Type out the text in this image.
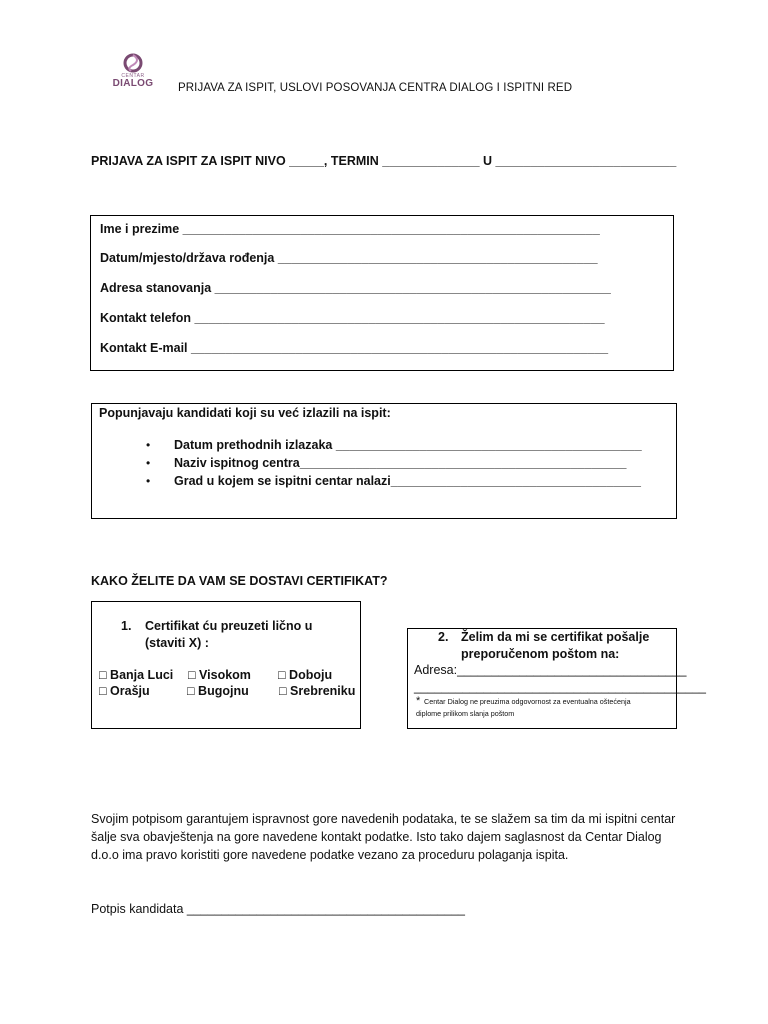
CENTAR
DIALOG	PRIJAVA ZA ISPIT, USLOVI POSOVANJA CENTRA DIALOG I ISPITNI RED
PRIJAVA ZA ISPIT ZA ISPIT NIVO _____, TERMIN ______________ U __________________________
Ime i prezime ____________________________________________________________
Datum/mjesto/država rođenja ______________________________________________
Adresa stanovanja _________________________________________________________
Kontakt telefon ___________________________________________________________
Kontakt E-mail ____________________________________________________________
Popunjavaju kandidati koji su već izlazili na ispit:
• Datum prethodnih izlazaka ____________________________________________
• Naziv ispitnog centra_______________________________________________
• Grad u kojem se ispitni centar nalazi____________________________________
KAKO ŽELITE DA VAM SE DOSTAVI CERTIFIKAT?
1. Certifikat ću preuzeti lično u
(staviti X) :
□ Banja Luci □ Visokom □ Doboju
□ Orašju	□ Bugojnu □ Srebreniku
2. Želim da mi se certifikat pošalje
preporučenom poštom na:
Adresa:_________________________________
__________________________________________
* Centar Dialog ne preuzima odgovornost za eventualna oštećenja
diplome prilikom slanja poštom
Svojim potpisom garantujem ispravnost gore navedenih podataka, te se slažem sa tim da mi ispitni centar šalje sva obavještenja na gore navedene kontakt podatke. Isto tako dajem saglasnost da Centar Dialog d.o.o ima pravo koristiti gore navedene podatke vezano za proceduru polaganja ispita.
Potpis kandidata ________________________________________
